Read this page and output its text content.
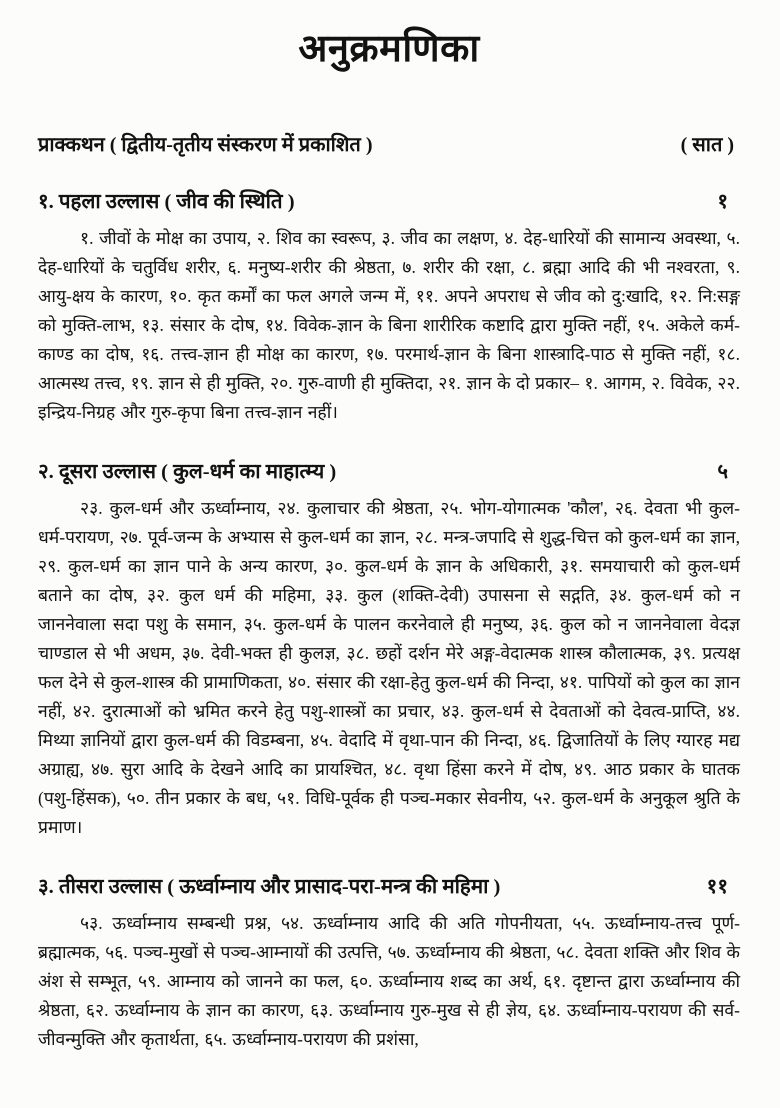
अनुक्रमणिका
प्राक्कथन ( द्वितीय-तृतीय संस्करण में प्रकाशित )	( सात )
१. पहला उल्लास ( जीव की स्थिति )	१

१. जीवों के मोक्ष का उपाय, २. शिव का स्वरूप, ३. जीव का लक्षण, ४. देह-धारियों की सामान्य अवस्था, ५. देह-धारियों के चतुर्विध शरीर, ६. मनुष्य-शरीर की श्रेष्ठता, ७. शरीर की रक्षा, ८. ब्रह्मा आदि की भी नश्वरता, ९. आयु-क्षय के कारण, १०. कृत कर्मों का फल अगले जन्म में, ११. अपने अपराध से जीव को दु:खादि, १२. नि:सङ्ग को मुक्ति-लाभ, १३. संसार के दोष, १४. विवेक-ज्ञान के बिना शारीरिक कष्टादि द्वारा मुक्ति नहीं, १५. अकेले कर्म-काण्ड का दोष, १६. तत्त्व-ज्ञान ही मोक्ष का कारण, १७. परमार्थ-ज्ञान के बिना शास्त्रादि-पाठ से मुक्ति नहीं, १८. आत्मस्थ तत्त्व, १९. ज्ञान से ही मुक्ति, २०. गुरु-वाणी ही मुक्तिदा, २१. ज्ञान के दो प्रकार– १. आगम, २. विवेक, २२. इन्द्रिय-निग्रह और गुरु-कृपा बिना तत्त्व-ज्ञान नहीं।

२. दूसरा उल्लास ( कुल-धर्म का माहात्म्य )	५

२३. कुल-धर्म और ऊर्ध्वाम्नाय, २४. कुलाचार की श्रेष्ठता, २५. भोग-योगात्मक 'कौल', २६. देवता भी कुल-धर्म-परायण, २७. पूर्व-जन्म के अभ्यास से कुल-धर्म का ज्ञान, २८. मन्त्र-जपादि से शुद्ध-चित्त को कुल-धर्म का ज्ञान, २९. कुल-धर्म का ज्ञान पाने के अन्य कारण, ३०. कुल-धर्म के ज्ञान के अधिकारी, ३१. समयाचारी को कुल-धर्म बताने का दोष, ३२. कुल धर्म की महिमा, ३३. कुल (शक्ति-देवी) उपासना से सद्गति, ३४. कुल-धर्म को न जाननेवाला सदा पशु के समान, ३५. कुल-धर्म के पालन करनेवाले ही मनुष्य, ३६. कुल को न जाननेवाला वेदज्ञ चाण्डाल से भी अधम, ३७. देवी-भक्त ही कुलज्ञ, ३८. छहों दर्शन मेरे अङ्ग-वेदात्मक शास्त्र कौलात्मक, ३९. प्रत्यक्ष फल देने से कुल-शास्त्र की प्रामाणिकता, ४०. संसार की रक्षा-हेतु कुल-धर्म की निन्दा, ४१. पापियों को कुल का ज्ञान नहीं, ४२. दुरात्माओं को भ्रमित करने हेतु पशु-शास्त्रों का प्रचार, ४३. कुल-धर्म से देवताओं को देवत्व-प्राप्ति, ४४. मिथ्या ज्ञानियों द्वारा कुल-धर्म की विडम्बना, ४५. वेदादि में वृथा-पान की निन्दा, ४६. द्विजातियों के लिए ग्यारह मद्य अग्राह्य, ४७. सुरा आदि के देखने आदि का प्रायश्चित, ४८. वृथा हिंसा करने में दोष, ४९. आठ प्रकार के घातक (पशु-हिंसक), ५०. तीन प्रकार के बध, ५१. विधि-पूर्वक ही पञ्च-मकार सेवनीय, ५२. कुल-धर्म के अनुकूल श्रुति के प्रमाण।

३. तीसरा उल्लास ( ऊर्ध्वाम्नाय और प्रासाद-परा-मन्त्र की महिमा )	११

५३. ऊर्ध्वाम्नाय सम्बन्धी प्रश्न, ५४. ऊर्ध्वाम्नाय आदि की अति गोपनीयता, ५५. ऊर्ध्वाम्नाय-तत्त्व पूर्ण-ब्रह्मात्मक, ५६. पञ्च-मुखों से पञ्च-आम्नायों की उत्पत्ति, ५७. ऊर्ध्वाम्नाय की श्रेष्ठता, ५८. देवता शक्ति और शिव के अंश से सम्भूत, ५९. आम्नाय को जानने का फल, ६०. ऊर्ध्वाम्नाय शब्द का अर्थ, ६१. दृष्टान्त द्वारा ऊर्ध्वाम्नाय की श्रेष्ठता, ६२. ऊर्ध्वाम्नाय के ज्ञान का कारण, ६३. ऊर्ध्वाम्नाय गुरु-मुख से ही ज्ञेय, ६४. ऊर्ध्वाम्नाय-परायण की सर्व-जीवन्मुक्ति और कृतार्थता, ६५. ऊर्ध्वाम्नाय-परायण की प्रशंसा,
